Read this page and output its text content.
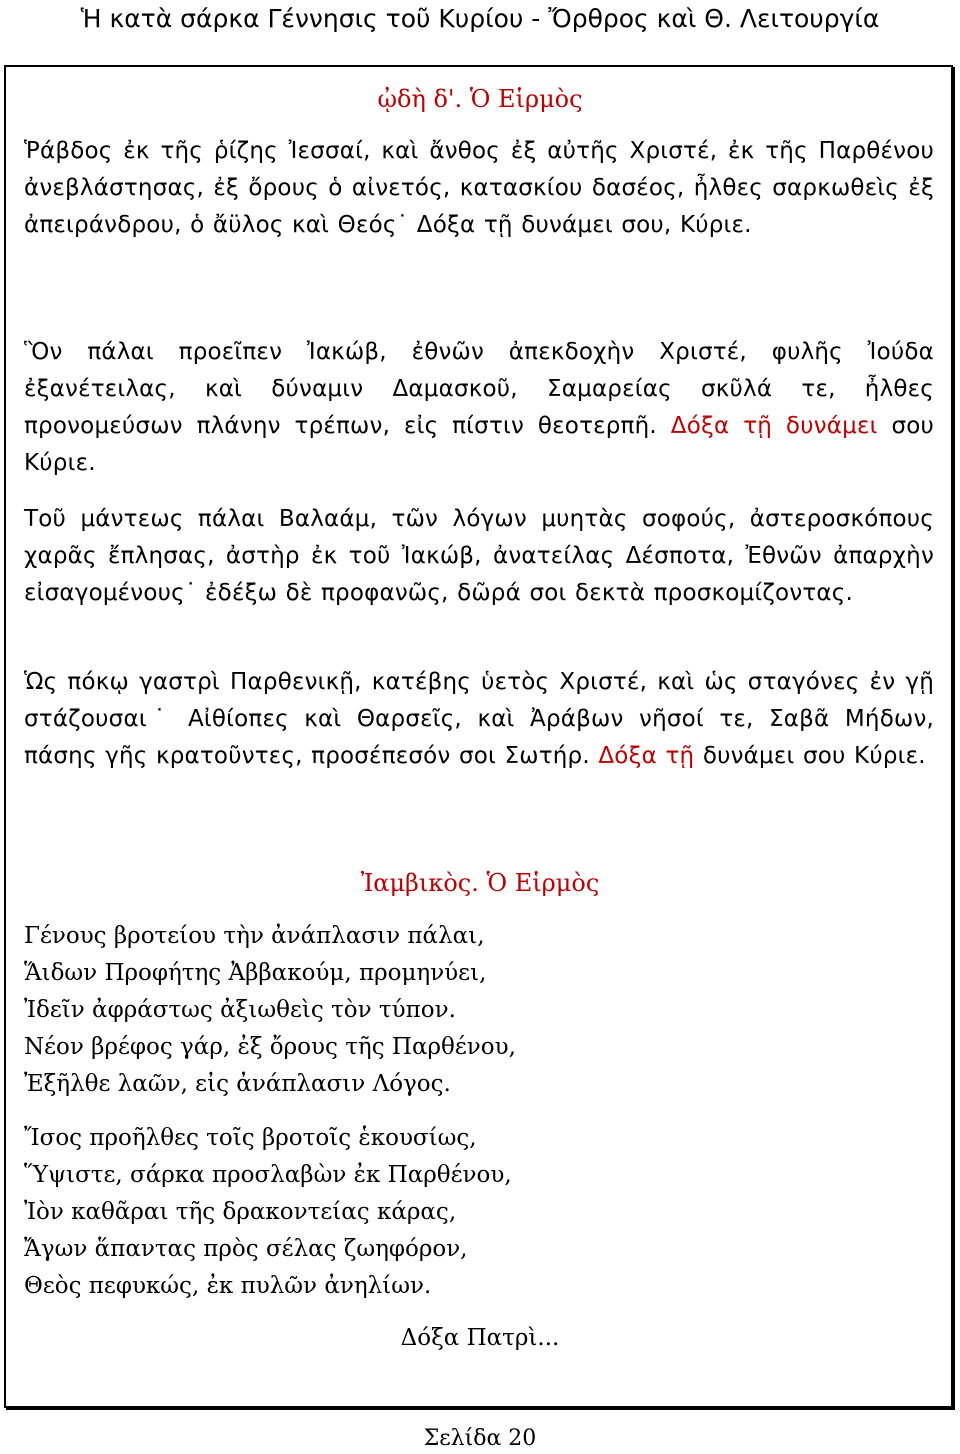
Ἡ κατὰ σάρκα Γέννησις τοῦ Κυρίου - Ὄρθρος καὶ Θ. Λειτουργία
ᾠδὴ δ'. Ὁ Εἱρμὸς

Ῥάβδος ἐκ τῆς ῥίζης Ἰεσσαί, καὶ ἄνθος ἐξ αὐτῆς Χριστέ, ἐκ τῆς Παρθένου ἀνεβλάστησας, ἐξ ὄρους ὁ αἰνετός, κατασκίου δασέος, ἦλθες σαρκωθεὶς ἐξ ἀπειράνδρου, ὁ ἄϋλος καὶ Θεός˙ Δόξα τῇ δυνάμει σου, Κύριε.

Ὃν πάλαι προεῖπεν Ἰακώβ, ἐθνῶν ἀπεκδοχὴν Χριστέ, φυλῆς Ἰούδα ἐξανέτειλας, καὶ δύναμιν Δαμασκοῦ, Σαμαρείας σκῦλά τε, ἦλθες προνομεύσων πλάνην τρέπων, εἰς πίστιν θεοτερπῆ. Δόξα τῇ δυνάμει σου Κύριε.

Τοῦ μάντεως πάλαι Βαλαάμ, τῶν λόγων μυητὰς σοφούς, ἀστεροσκόπους χαρᾶς ἔπλησας, ἀστὴρ ἐκ τοῦ Ἰακώβ, ἀνατείλας Δέσποτα, Ἐθνῶν ἀπαρχὴν εἰσαγομένους˙ ἐδέξω δὲ προφανῶς, δῶρά σοι δεκτὰ προσκομίζοντας.

Ὡς πόκῳ γαστρὶ Παρθενικῇ, κατέβης ὑετὸς Χριστέ, καὶ ὡς σταγόνες ἐν γῇ στάζουσαι˙ Αἰθίοπες καὶ Θαρσεῖς, καὶ Ἀράβων νῆσοί τε, Σαβᾶ Μήδων, πάσης γῆς κρατοῦντες, προσέπεσόν σοι Σωτήρ. Δόξα τῇ δυνάμει σου Κύριε.

Ἰαμβικὸς. Ὁ Εἱρμὸς
Γένους βροτείου τὴν ἀνάπλασιν πάλαι,
Ἅιδων Προφήτης Ἀββακούμ, προμηνύει,
Ἰδεῖν ἀφράστως ἀξιωθεὶς τὸν τύπον.
Νέον βρέφος γάρ, ἐξ ὄρους τῆς Παρθένου,
Ἐξῆλθε λαῶν, εἰς ἀνάπλασιν Λόγος.
Ἴσος προῆλθες τοῖς βροτοῖς ἑκουσίως,
Ὕψιστε, σάρκα προσλαβὼν ἐκ Παρθένου,
Ἰὸν καθᾶραι τῆς δρακοντείας κάρας,
Ἄγων ἅπαντας πρὸς σέλας ζωηφόρον,
Θεὸς πεφυκώς, ἐκ πυλῶν ἀνηλίων.
Δόξα Πατρὶ...
Σελίδα 20
